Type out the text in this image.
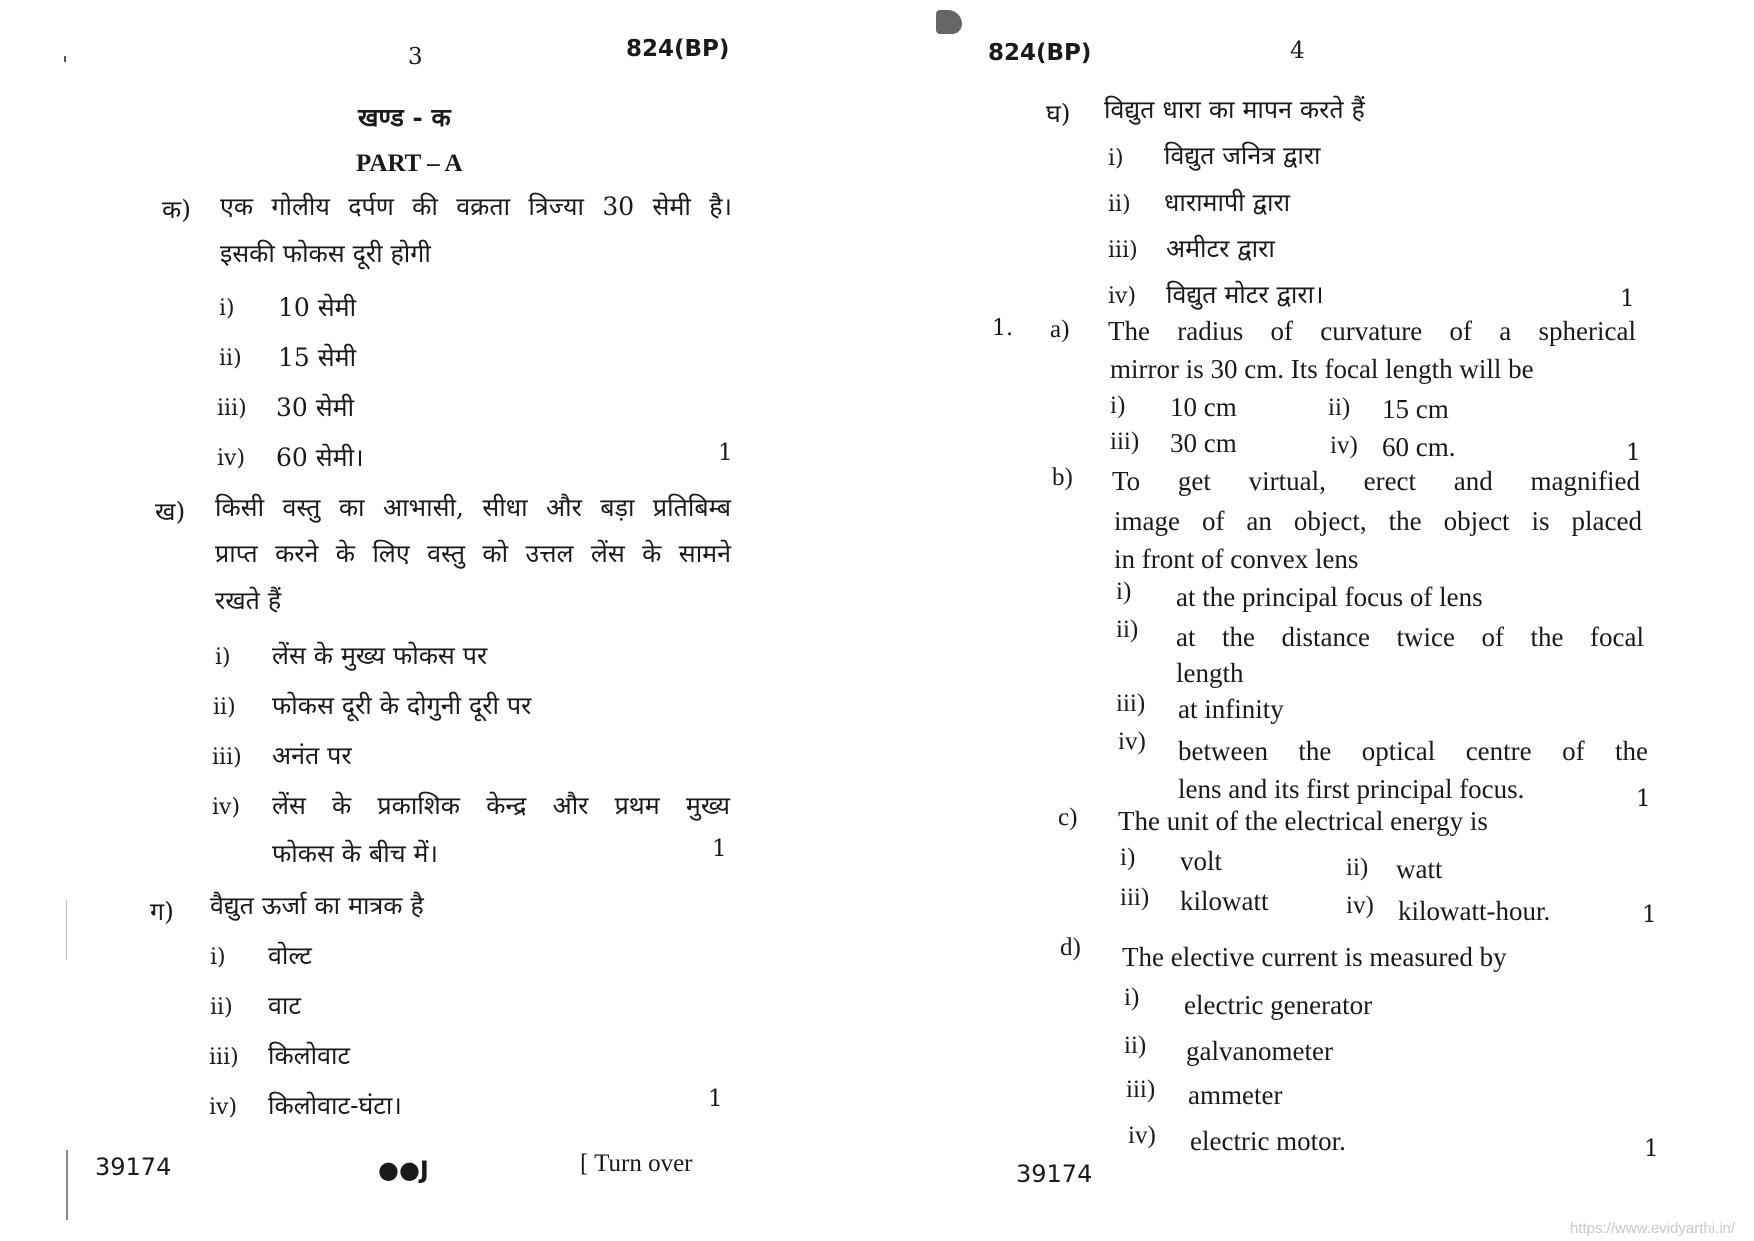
3	824(BP)
खण्ड - क
PART – A
क) एक गोलीय दर्पण की वक्रता त्रिज्या 30 सेमी है।
इसकी फोकस दूरी होगी
i) 10 सेमी
ii) 15 सेमी
iii) 30 सेमी
iv) 60 सेमी।	1
ख) किसी वस्तु का आभासी, सीधा और बड़ा प्रतिबिम्ब
प्राप्त करने के लिए वस्तु को उत्तल लेंस के सामने
रखते हैं
i) लेंस के मुख्य फोकस पर
ii) फोकस दूरी के दोगुनी दूरी पर
iii) अनंत पर
iv) लेंस के प्रकाशिक केन्द्र और प्रथम मुख्य
फोकस के बीच में।	1
ग) वैद्युत ऊर्जा का मात्रक है
i) वोल्ट
ii) वाट
iii) किलोवाट
iv) किलोवाट-घंटा।	1
39174	●●J	[ Turn over
824(BP)	4
घ) विद्युत धारा का मापन करते हैं
i) विद्युत जनित्र द्वारा
ii) धारामापी द्वारा
iii) अमीटर द्वारा
iv) विद्युत मोटर द्वारा।	1
1. a) The radius of curvature of a spherical
mirror is 30 cm. Its focal length will be
i) 10 cm	ii) 15 cm
iii) 30 cm	iv) 60 cm.	1
b) To get virtual, erect and magnified
image of an object, the object is placed
in front of convex lens
i) at the principal focus of lens
ii) at the distance twice of the focal
length
iii) at infinity
iv) between the optical centre of the
lens and its first principal focus.	1
c) The unit of the electrical energy is
i) volt	ii) watt
iii) kilowatt	iv) kilowatt-hour.	1
d) The elective current is measured by
i) electric generator
ii) galvanometer
iii) ammeter
iv) electric motor.	1
39174
https://www.evidyarthi.in/
